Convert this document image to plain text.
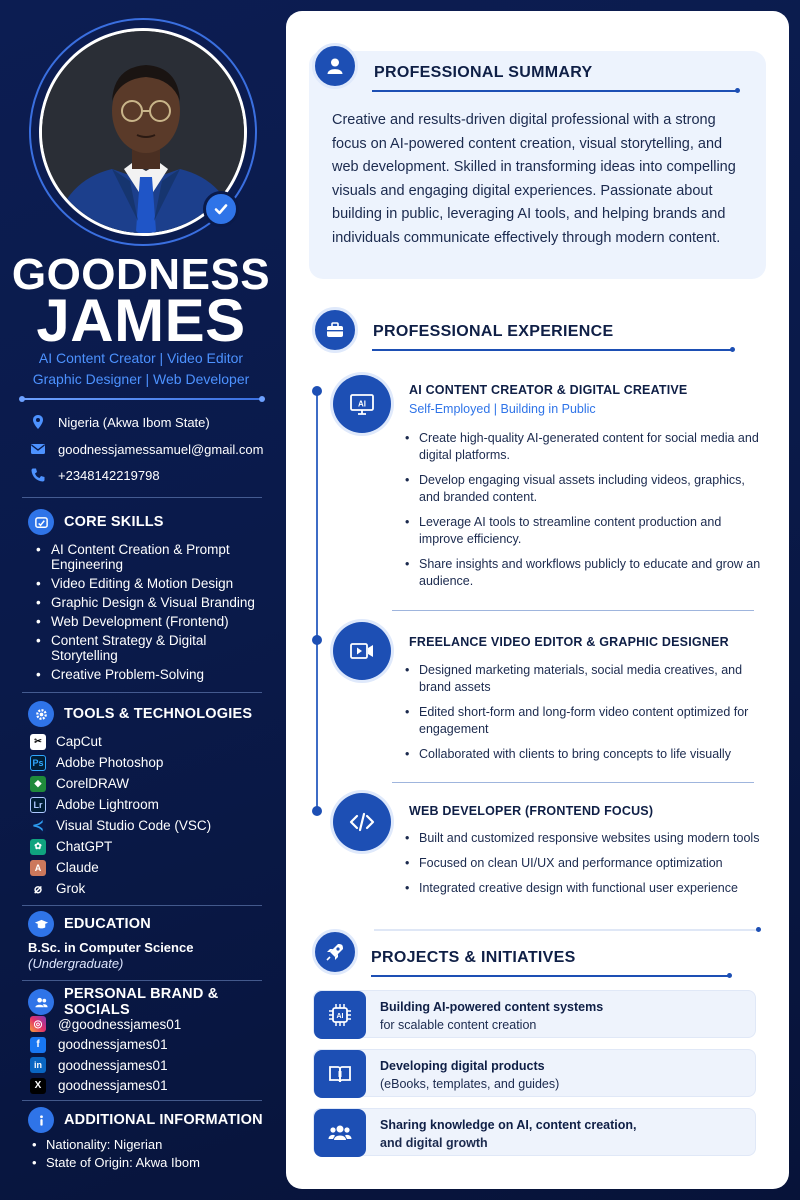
GOODNESS
JAMES
AI Content Creator | Video Editor
Graphic Designer | Web Developer
Nigeria (Akwa Ibom State)
goodnessjamessamuel@gmail.com
+2348142219798
CORE SKILLS
• AI Content Creation & Prompt Engineering
• Video Editing & Motion Design
• Graphic Design & Visual Branding
• Web Development (Frontend)
• Content Strategy & Digital Storytelling
• Creative Problem-Solving
TOOLS & TECHNOLOGIES
✂	CapCut
Ps Adobe Photoshop
◆	CorelDRAW
Lr Adobe Lightroom
≺ Visual Studio Code (VSC)
✿	ChatGPT
A	Claude
⌀	Grok
EDUCATION
B.Sc. in Computer Science
(Undergraduate)
PERSONAL BRAND & SOCIALS
◎ @goodnessjames01
f	goodnessjames01
in goodnessjames01
X	goodnessjames01
ADDITIONAL INFORMATION
• Nationality: Nigerian
• State of Origin: Akwa Ibom
PROFESSIONAL SUMMARY
Creative and results-driven digital professional with a strong focus on AI-powered content creation, visual storytelling, and web development. Skilled in transforming ideas into compelling visuals and engaging digital experiences. Passionate about building in public, leveraging AI tools, and helping brands and individuals communicate effectively through modern content.
PROFESSIONAL EXPERIENCE
AI
AI CONTENT CREATOR & DIGITAL CREATIVE
Self-Employed | Building in Public
• Create high-quality AI-generated content for social media and digital platforms.
• Develop engaging visual assets including videos, graphics, and branded content.
• Leverage AI tools to streamline content production and improve efficiency.
• Share insights and workflows publicly to educate and grow an audience.
FREELANCE VIDEO EDITOR & GRAPHIC DESIGNER
• Designed marketing materials, social media creatives, and brand assets
• Edited short-form and long-form video content optimized for engagement
• Collaborated with clients to bring concepts to life visually
WEB DEVELOPER (FRONTEND FOCUS)
• Built and customized responsive websites using modern tools
• Focused on clean UI/UX and performance optimization
• Integrated creative design with functional user experience
PROJECTS & INITIATIVES
AI
Building AI-powered content systems
for scalable content creation
Developing digital products
(eBooks, templates, and guides)
Sharing knowledge on AI, content creation,
and digital growth
